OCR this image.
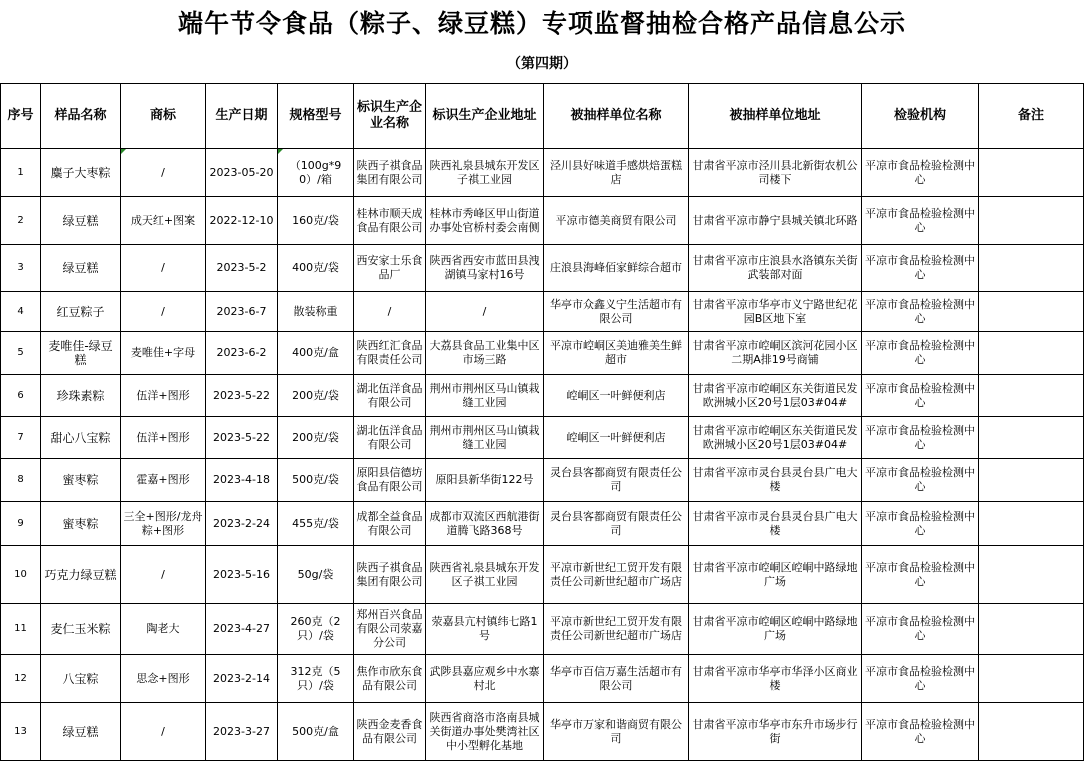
端午节令食品（粽子、绿豆糕）专项监督抽检合格产品信息公示
（第四期）
序号	样品名称	商标	生产日期	规格型号	标识生产企业名称	标识生产企业地址	被抽样单位名称	被抽样单位地址	检验机构	备注
1	麋子大枣粽	/	2023-05-20	（100g*90）/箱	陕西子祺食品集团有限公司	陕西礼泉县城东开发区子祺工业园	泾川县好味道手感烘焙蛋糕店	甘肃省平凉市泾川县北新街农机公司楼下	平凉市食品检验检测中心	
2	绿豆糕	成天红+图案	2022-12-10	160克/袋	桂林市顺天成食品有限公司	桂林市秀峰区甲山街道办事处官桥村委会南侧	平凉市德美商贸有限公司	甘肃省平凉市静宁县城关镇北环路	平凉市食品检验检测中心	
3	绿豆糕	/	2023-5-2	400克/袋	西安家士乐食品厂	陕西省西安市蓝田县洩湖镇马家村16号	庄浪县海峰佰家鲜综合超市	甘肃省平凉市庄浪县水洛镇东关街武装部对面	平凉市食品检验检测中心	
4	红豆粽子	/	2023-6-7	散装称重	/	/	华亭市众鑫义宁生活超市有限公司	甘肃省平凉市华亭市义宁路世纪花园B区地下室	平凉市食品检验检测中心	
5	麦唯佳-绿豆糕	麦唯佳+字母	2023-6-2	400克/盒	陕西红汇食品有限责任公司	大荔县食品工业集中区市场三路	平凉市崆峒区美迪雅美生鲜超市	甘肃省平凉市崆峒区滨河花园小区二期A排19号商铺	平凉市食品检验检测中心	
6	珍珠素粽	伍洋+图形	2023-5-22	200克/袋	湖北伍洋食品有限公司	荆州市荆州区马山镇栽缝工业园	崆峒区一叶鲜便利店	甘肃省平凉市崆峒区东关街道民发欧洲城小区20号1层03#04#	平凉市食品检验检测中心	
7	甜心八宝粽	伍洋+图形	2023-5-22	200克/袋	湖北伍洋食品有限公司	荆州市荆州区马山镇栽缝工业园	崆峒区一叶鲜便利店	甘肃省平凉市崆峒区东关街道民发欧洲城小区20号1层03#04#	平凉市食品检验检测中心	
8	蜜枣粽	霍嘉+图形	2023-4-18	500克/袋	原阳县信德坊食品有限公司	原阳县新华街122号	灵台县客都商贸有限责任公司	甘肃省平凉市灵台县灵台县广电大楼	平凉市食品检验检测中心	
9	蜜枣粽	三全+图形/龙舟粽+图形	2023-2-24	455克/袋	成都全益食品有限公司	成都市双流区西航港街道腾飞路368号	灵台县客都商贸有限责任公司	甘肃省平凉市灵台县灵台县广电大楼	平凉市食品检验检测中心	
10	巧克力绿豆糕	/	2023-5-16	50g/袋	陕西子祺食品集团有限公司	陕西省礼泉县城东开发区子祺工业园	平凉市新世纪工贸开发有限责任公司新世纪超市广场店	甘肃省平凉市崆峒区崆峒中路绿地广场	平凉市食品检验检测中心	
11	麦仁玉米粽	陶老大	2023-4-27	260克（2只）/袋	郑州百兴食品有限公司荥嘉分公司	荥嘉县亢村镇纬七路1号	平凉市新世纪工贸开发有限责任公司新世纪超市广场店	甘肃省平凉市崆峒区崆峒中路绿地广场	平凉市食品检验检测中心	
12	八宝粽	思念+图形	2023-2-14	312克（5只）/袋	焦作市欣东食品有限公司	武陟县嘉应观乡中水寨村北	华亭市百信万嘉生活超市有限公司	甘肃省平凉市华亭市华泽小区商业楼	平凉市食品检验检测中心	
13	绿豆糕	/	2023-3-27	500克/盒	陕西金麦香食品有限公司	陕西省商洛市洛南县城关街道办事处樊湾社区中小型孵化基地	华亭市万家和谐商贸有限公司	甘肃省平凉市华亭市东升市场步行街	平凉市食品检验检测中心	
